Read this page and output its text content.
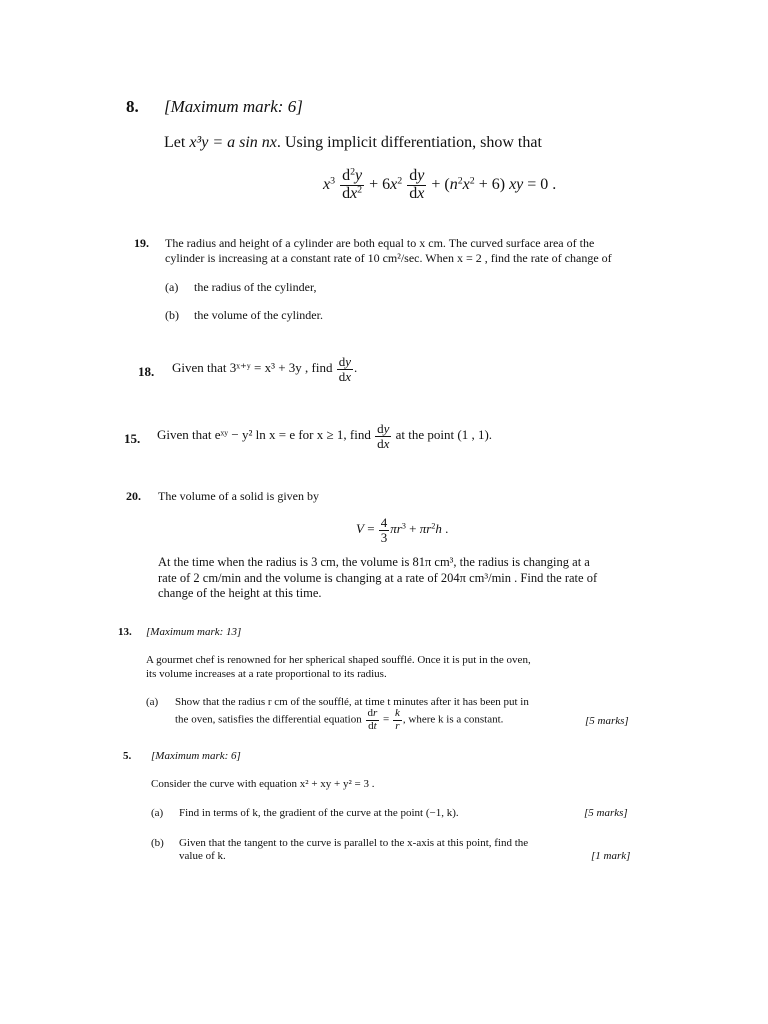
8. [Maximum mark: 6]
Let x³y = a sin nx. Using implicit differentiation, show that
$x^3 \frac{d^2y}{dx^2} + 6x^2 \frac{dy}{dx} + (n^2x^2 + 6)$ xy = 0 .
19. The radius and height of a cylinder are both equal to x cm. The curved surface area of the
cylinder is increasing at a constant rate of 10 cm²/sec. When x = 2 , find the rate of change of
(a) the radius of the cylinder,
(b) the volume of the cylinder.
18. Given that 3ˣ⁺ʸ = x³ + 3y , find $\frac{dy}{dx}$ .
15. Given that eˣʸ − y² ln x = e for x ≥ 1, find $\frac{dy}{dx}$ at the point (1 , 1).
20. The volume of a solid is given by
$V = \frac{4}{3} \pi r^3 + \pi r^2h$ .
At the time when the radius is 3 cm, the volume is 81π cm³, the radius is changing at a
rate of 2 cm/min and the volume is changing at a rate of 204π cm³/min . Find the rate of
change of the height at this time.
13. [Maximum mark: 13]
A gourmet chef is renowned for her spherical shaped soufflé. Once it is put in the oven,
its volume increases at a rate proportional to its radius.
(a) Show that the radius r cm of the soufflé, at time t minutes after it has been put in
the oven, satisfies the differential equation $\frac{dr}{dt} = \frac{k}{r}$ , where k is a constant.	[5 marks]
5. [Maximum mark: 6]
Consider the curve with equation x² + xy + y² = 3 .
(a) Find in terms of k, the gradient of the curve at the point (−1, k).	[5 marks]
(b) Given that the tangent to the curve is parallel to the x-axis at this point, find the
value of k.	[1 mark]
